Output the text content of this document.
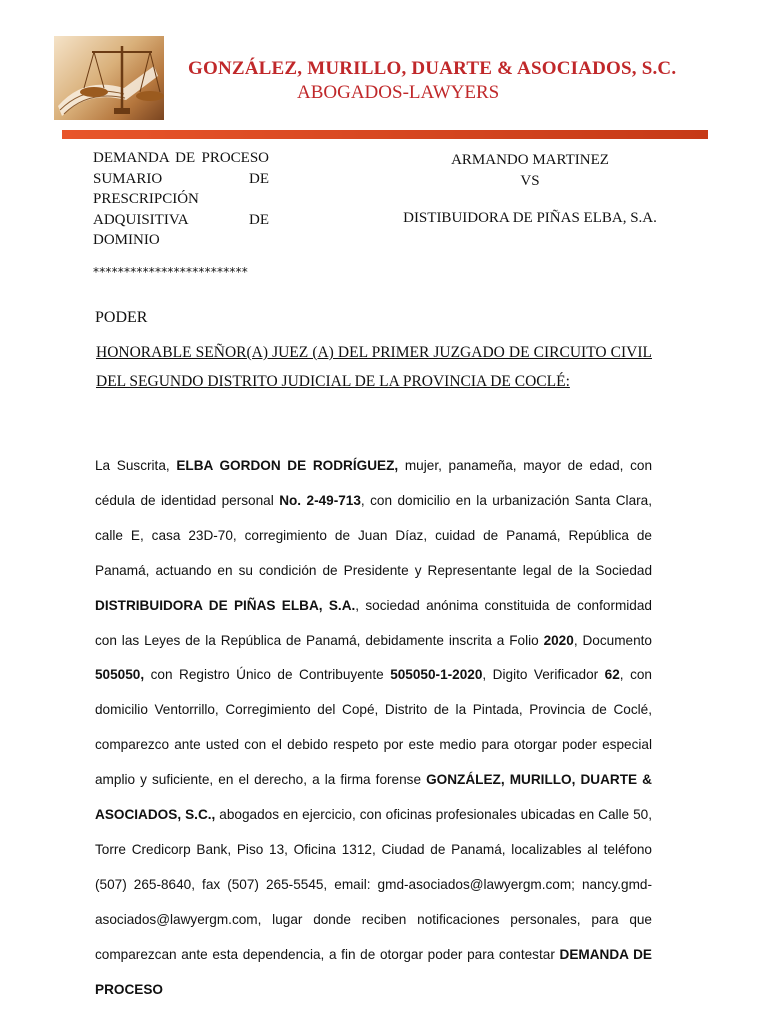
GONZÁLEZ, MURILLO, DUARTE & ASOCIADOS, S.C.
ABOGADOS-LAWYERS
DEMANDA DE PROCESO SUMARIO DE PRESCRIPCIÓN ADQUISITIVA DE DOMINIO
ARMANDO MARTINEZ
VS
DISTIBUIDORA DE PIÑAS ELBA, S.A.
*************************
PODER
HONORABLE SEÑOR(A) JUEZ (A) DEL PRIMER JUZGADO DE CIRCUITO CIVIL DEL SEGUNDO DISTRITO JUDICIAL DE LA PROVINCIA DE COCLÉ:
La Suscrita, ELBA GORDON DE RODRÍGUEZ, mujer, panameña, mayor de edad, con cédula de identidad personal No. 2-49-713, con domicilio en la urbanización Santa Clara, calle E, casa 23D-70, corregimiento de Juan Díaz, cuidad de Panamá, República de Panamá, actuando en su condición de Presidente y Representante legal de la Sociedad DISTRIBUIDORA DE PIÑAS ELBA, S.A., sociedad anónima constituida de conformidad con las Leyes de la República de Panamá, debidamente inscrita a Folio 2020, Documento 505050, con Registro Único de Contribuyente 505050-1-2020, Digito Verificador 62, con domicilio Ventorrillo, Corregimiento del Copé, Distrito de la Pintada, Provincia de Coclé, comparezco ante usted con el debido respeto por este medio para otorgar poder especial amplio y suficiente, en el derecho, a la firma forense GONZÁLEZ, MURILLO, DUARTE & ASOCIADOS, S.C., abogados en ejercicio, con oficinas profesionales ubicadas en Calle 50, Torre Credicorp Bank, Piso 13, Oficina 1312, Ciudad de Panamá, localizables al teléfono (507) 265-8640, fax (507) 265-5545, email: gmd-asociados@lawyergm.com; nancy.gmd-asociados@lawyergm.com, lugar donde reciben notificaciones personales, para que comparezcan ante esta dependencia, a fin de otorgar poder para contestar DEMANDA DE PROCESO
